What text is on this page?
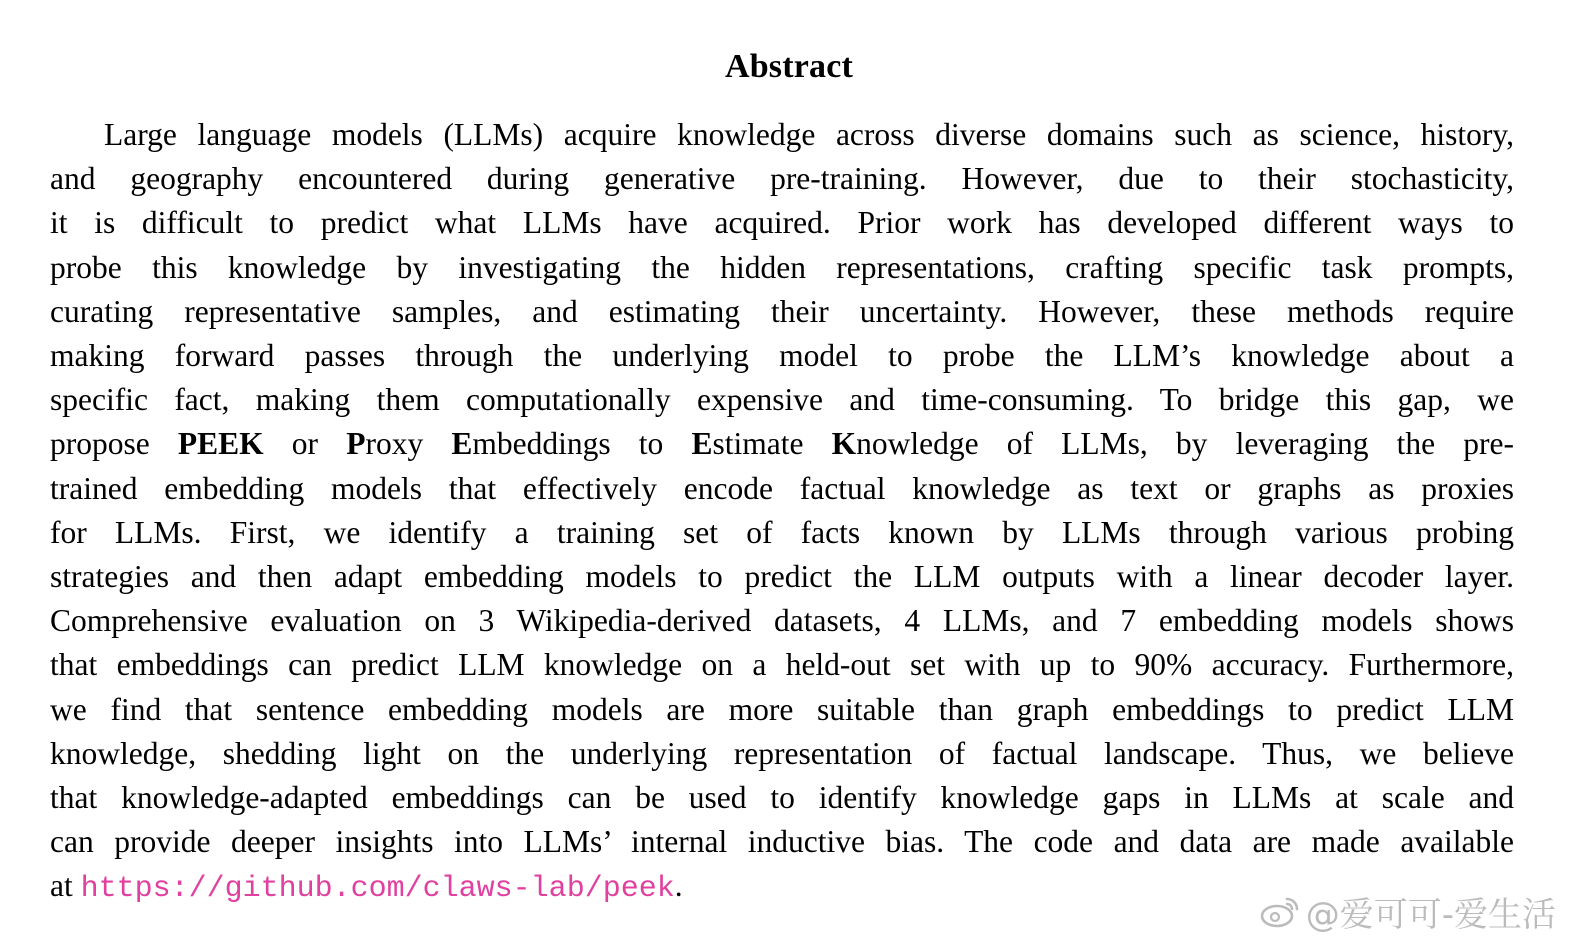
Abstract
Large language models (LLMs) acquire knowledge across diverse domains such as science, history,
and geography encountered during generative pre-training. However, due to their stochasticity,
it is difficult to predict what LLMs have acquired. Prior work has developed different ways to
probe this knowledge by investigating the hidden representations, crafting specific task prompts,
curating representative samples, and estimating their uncertainty. However, these methods require
making forward passes through the underlying model to probe the LLM’s knowledge about a
specific fact, making them computationally expensive and time-consuming. To bridge this gap, we
propose PEEK or Proxy Embeddings to Estimate Knowledge of LLMs, by leveraging the pre-
trained embedding models that effectively encode factual knowledge as text or graphs as proxies
for LLMs. First, we identify a training set of facts known by LLMs through various probing
strategies and then adapt embedding models to predict the LLM outputs with a linear decoder layer.
Comprehensive evaluation on 3 Wikipedia-derived datasets, 4 LLMs, and 7 embedding models shows
that embeddings can predict LLM knowledge on a held-out set with up to 90% accuracy. Furthermore,
we find that sentence embedding models are more suitable than graph embeddings to predict LLM
knowledge, shedding light on the underlying representation of factual landscape. Thus, we believe
that knowledge-adapted embeddings can be used to identify knowledge gaps in LLMs at scale and
can provide deeper insights into LLMs’ internal inductive bias. The code and data are made available
at https://github.com/claws-lab/peek.
@爱可可-爱生活
